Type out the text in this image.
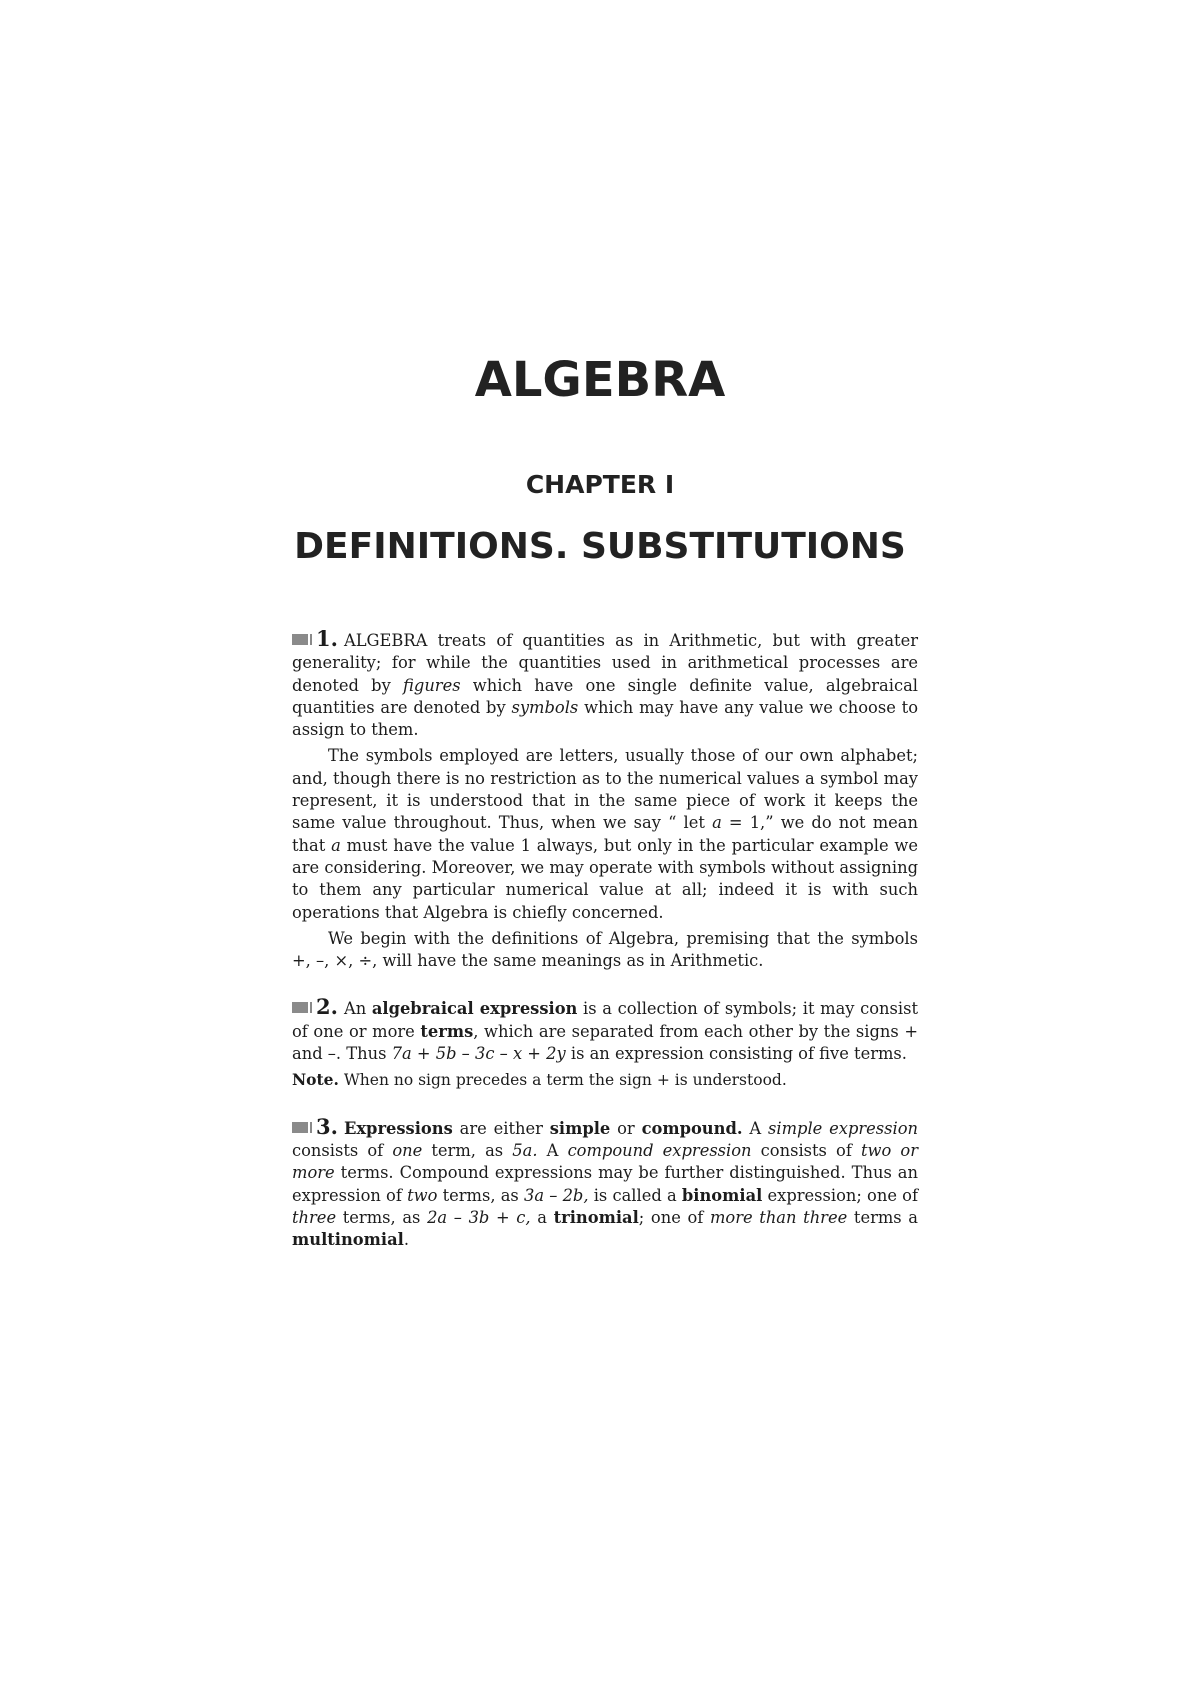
ALGEBRA
CHAPTER I
DEFINITIONS. SUBSTITUTIONS

1. ALGEBRA treats of quantities as in Arithmetic, but with greater generality; for while the quantities used in arithmetical processes are denoted by figures which have one single definite value, algebraical quantities are denoted by symbols which may have any value we choose to assign to them.

The symbols employed are letters, usually those of our own alphabet; and, though there is no restriction as to the numerical values a symbol may represent, it is understood that in the same piece of work it keeps the same value throughout. Thus, when we say “ let a = 1,” we do not mean that a must have the value 1 always, but only in the particular example we are considering. Moreover, we may operate with symbols without assigning to them any particular numerical value at all; indeed it is with such operations that Algebra is chiefly concerned.

We begin with the definitions of Algebra, premising that the symbols +, –, ×, ÷, will have the same meanings as in Arithmetic.

2. An algebraical expression is a collection of symbols; it may consist of one or more terms, which are separated from each other by the signs + and –. Thus 7a + 5b – 3c – x + 2y is an expression consisting of five terms.

Note. When no sign precedes a term the sign + is understood.

3. Expressions are either simple or compound. A simple expression consists of one term, as 5a. A compound expression consists of two or more terms. Compound expressions may be further distinguished. Thus an expression of two terms, as 3a – 2b, is called a binomial expression; one of three terms, as 2a – 3b + c, a trinomial; one of more than three terms a multinomial.
